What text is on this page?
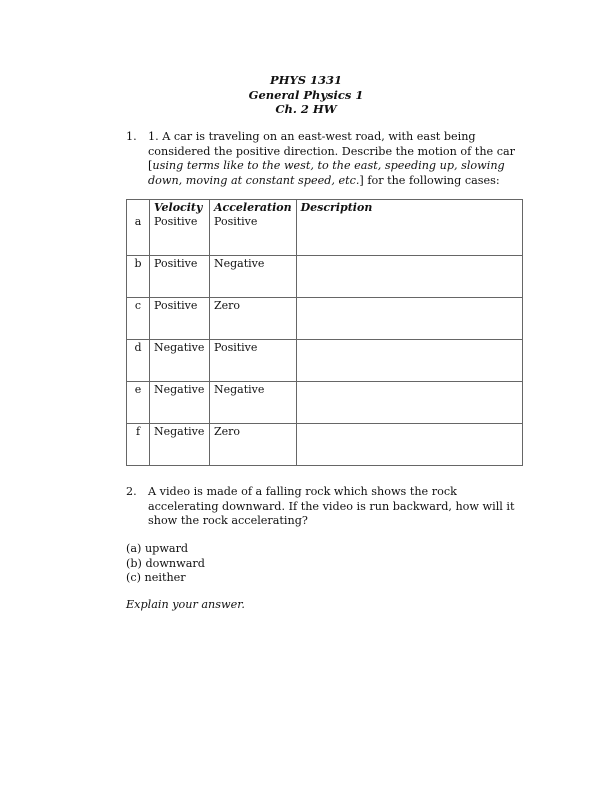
PHYS 1331
General Physics 1
Ch. 2 HW
1. 1. A car is traveling on an east-west road, with east being considered the positive direction. Describe the motion of the car [using terms like to the west, to the east, speeding up, slowing down, moving at constant speed, etc.] for the following cases:
	Velocity	Acceleration	Description
a	Positive	Positive	
b	Positive	Negative	
c	Positive	Zero	
d	Negative	Positive	
e	Negative	Negative	
f	Negative	Zero	
2. A video is made of a falling rock which shows the rock accelerating downward. If the video is run backward, how will it show the rock accelerating?
(a) upward
(b) downward
(c) neither
Explain your answer.
